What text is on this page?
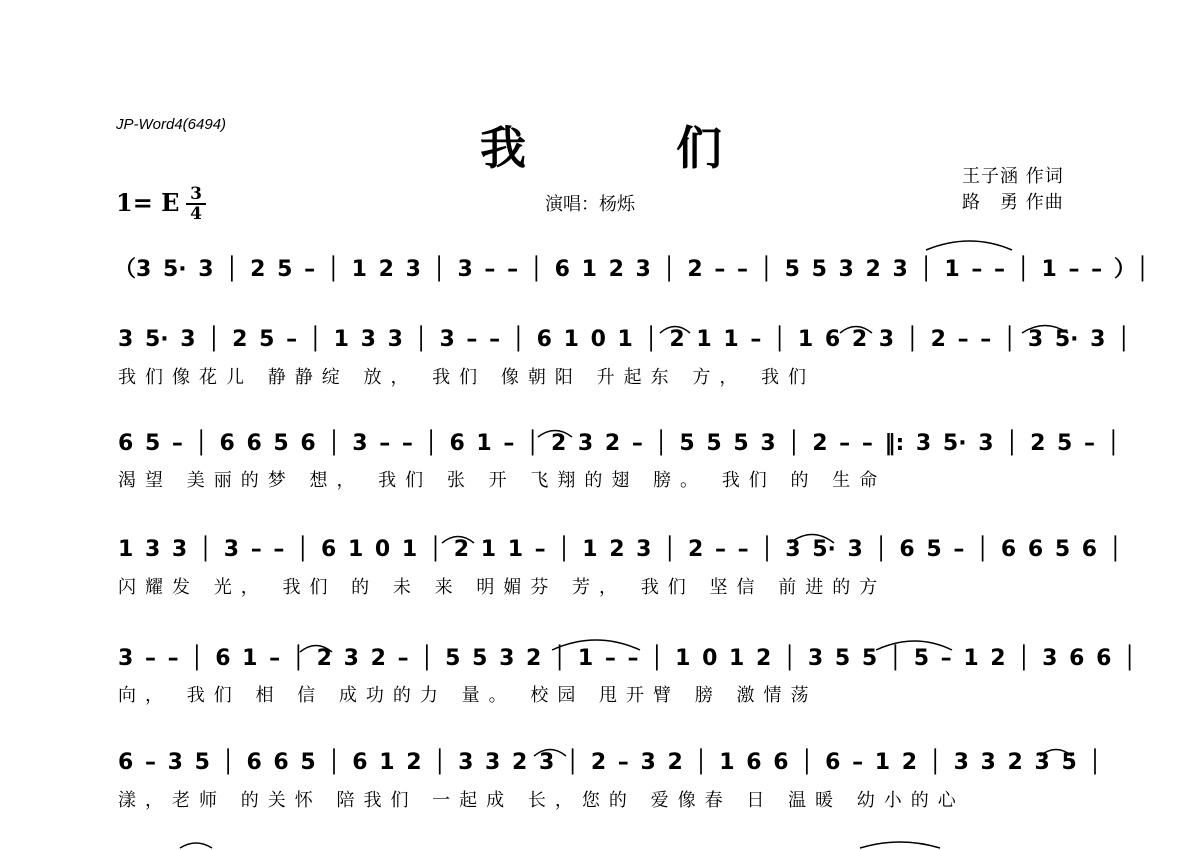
JP-Word4(6494)	我	们
王子涵 作词
路　勇 作曲
1= E 3
4	演唱：杨烁
（3 5· 3 │ 2 5 – │ 1 2 3 │ 3 – – │ 6 1 2 3 │ 2 – – │ 5 5 3 2 3 │ 1 – – │ 1 – – ）│
3 5· 3 │ 2 5 – │ 1 3 3 │ 3 – – │ 6 1 0 1 │ 2 1 1 – │ 1 6 2 3 │ 2 – – │ 3 5· 3 │
我们像花儿 静静绽 放， 我们 像朝阳 升起东 方， 我们
6 5 – │ 6 6 5 6 │ 3 – – │ 6 1 – │ 2 3 2 – │ 5 5 5 3 │ 2 – – ‖: 3 5· 3 │ 2 5 – │
渴望 美丽的梦 想， 我们 张 开 飞翔的翅 膀。 我们 的 生命
1 3 3 │ 3 – – │ 6 1 0 1 │ 2 1 1 – │ 1 2 3 │ 2 – – │ 3 5· 3 │ 6 5 – │ 6 6 5 6 │
闪耀发 光， 我们 的 未 来 明媚芬 芳， 我们 坚信 前进的方
3 – – │ 6 1 – │ 2 3 2 – │ 5 5 3 2 │ 1 – – │ 1 0 1 2 │ 3 5 5 │ 5 – 1 2 │ 3 6 6 │
向， 我们 相 信 成功的力 量。 校园 甩开臂 膀 激情荡
6 – 3 5 │ 6 6 5 │ 6 1 2 │ 3 3 2 3 │ 2 – 3 2 │ 1 6 6 │ 6 – 1 2 │ 3 3 2 3 5 │
漾，老师 的关怀 陪我们 一起成 长，您的 爱像春 日 温暖 幼小的心
